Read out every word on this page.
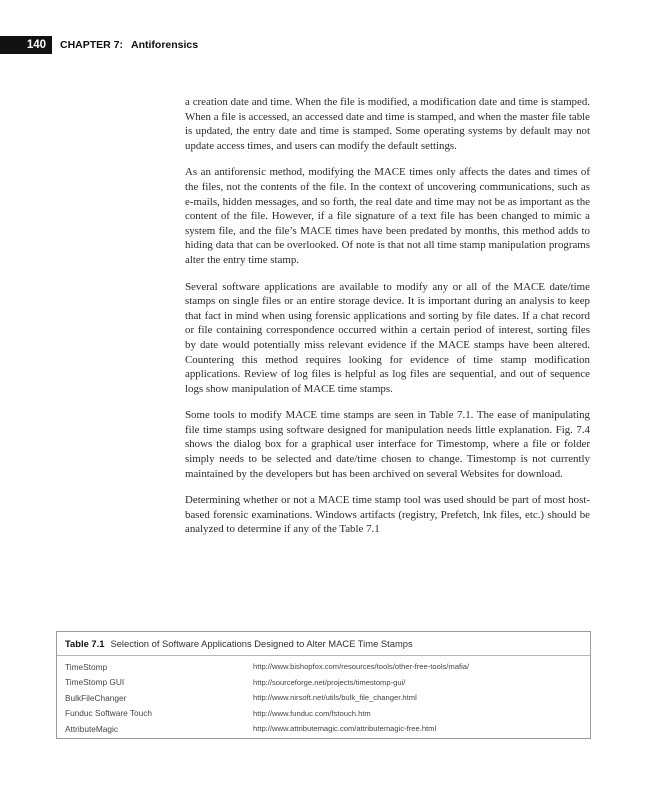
140	CHAPTER 7: Antiforensics

a creation date and time. When the file is modified, a modification date and time is stamped. When a file is accessed, an accessed date and time is stamped, and when the master file table is updated, the entry date and time is stamped. Some operating systems by default may not update access times, and users can modify the default settings.

As an antiforensic method, modifying the MACE times only affects the dates and times of the files, not the contents of the file. In the context of uncovering communications, such as e-mails, hidden messages, and so forth, the real date and time may not be as important as the content of the file. However, if a file signature of a text file has been changed to mimic a system file, and the file’s MACE times have been predated by months, this method adds to hiding data that can be overlooked. Of note is that not all time stamp manipulation programs alter the entry time stamp.

Several software applications are available to modify any or all of the MACE date/time stamps on single files or an entire storage device. It is important during an analysis to keep that fact in mind when using forensic applications and sorting by file dates. If a chat record or file containing correspondence occurred within a certain period of interest, sorting files by date would potentially miss relevant evidence if the MACE stamps have been altered. Countering this method requires looking for evidence of time stamp modification applications. Review of log files is helpful as log files are sequential, and out of sequence logs show manipulation of MACE time stamps.

Some tools to modify MACE time stamps are seen in Table 7.1. The ease of manipulating file time stamps using software designed for manipulation needs little explanation. Fig. 7.4 shows the dialog box for a graphical user interface for Timestomp, where a file or folder simply needs to be selected and date/time chosen to change. Timestomp is not currently maintained by the developers but has been archived on several Websites for download.

Determining whether or not a MACE time stamp tool was used should be part of most host-based forensic examinations. Windows artifacts (registry, Prefetch, lnk files, etc.) should be analyzed to determine if any of the Table 7.1

Table 7.1 Selection of Software Applications Designed to Alter MACE Time Stamps
TimeStomp	http://www.bishopfox.com/resources/tools/other-free-tools/mafia/
TimeStomp GUI	http://sourceforge.net/projects/timestomp-gui/
BulkFileChanger	http://www.nirsoft.net/utils/bulk_file_changer.html
Funduc Software Touch	http://www.funduc.com/fstouch.htm
AttributeMagic	http://www.attributemagic.com/attributemagic-free.html
